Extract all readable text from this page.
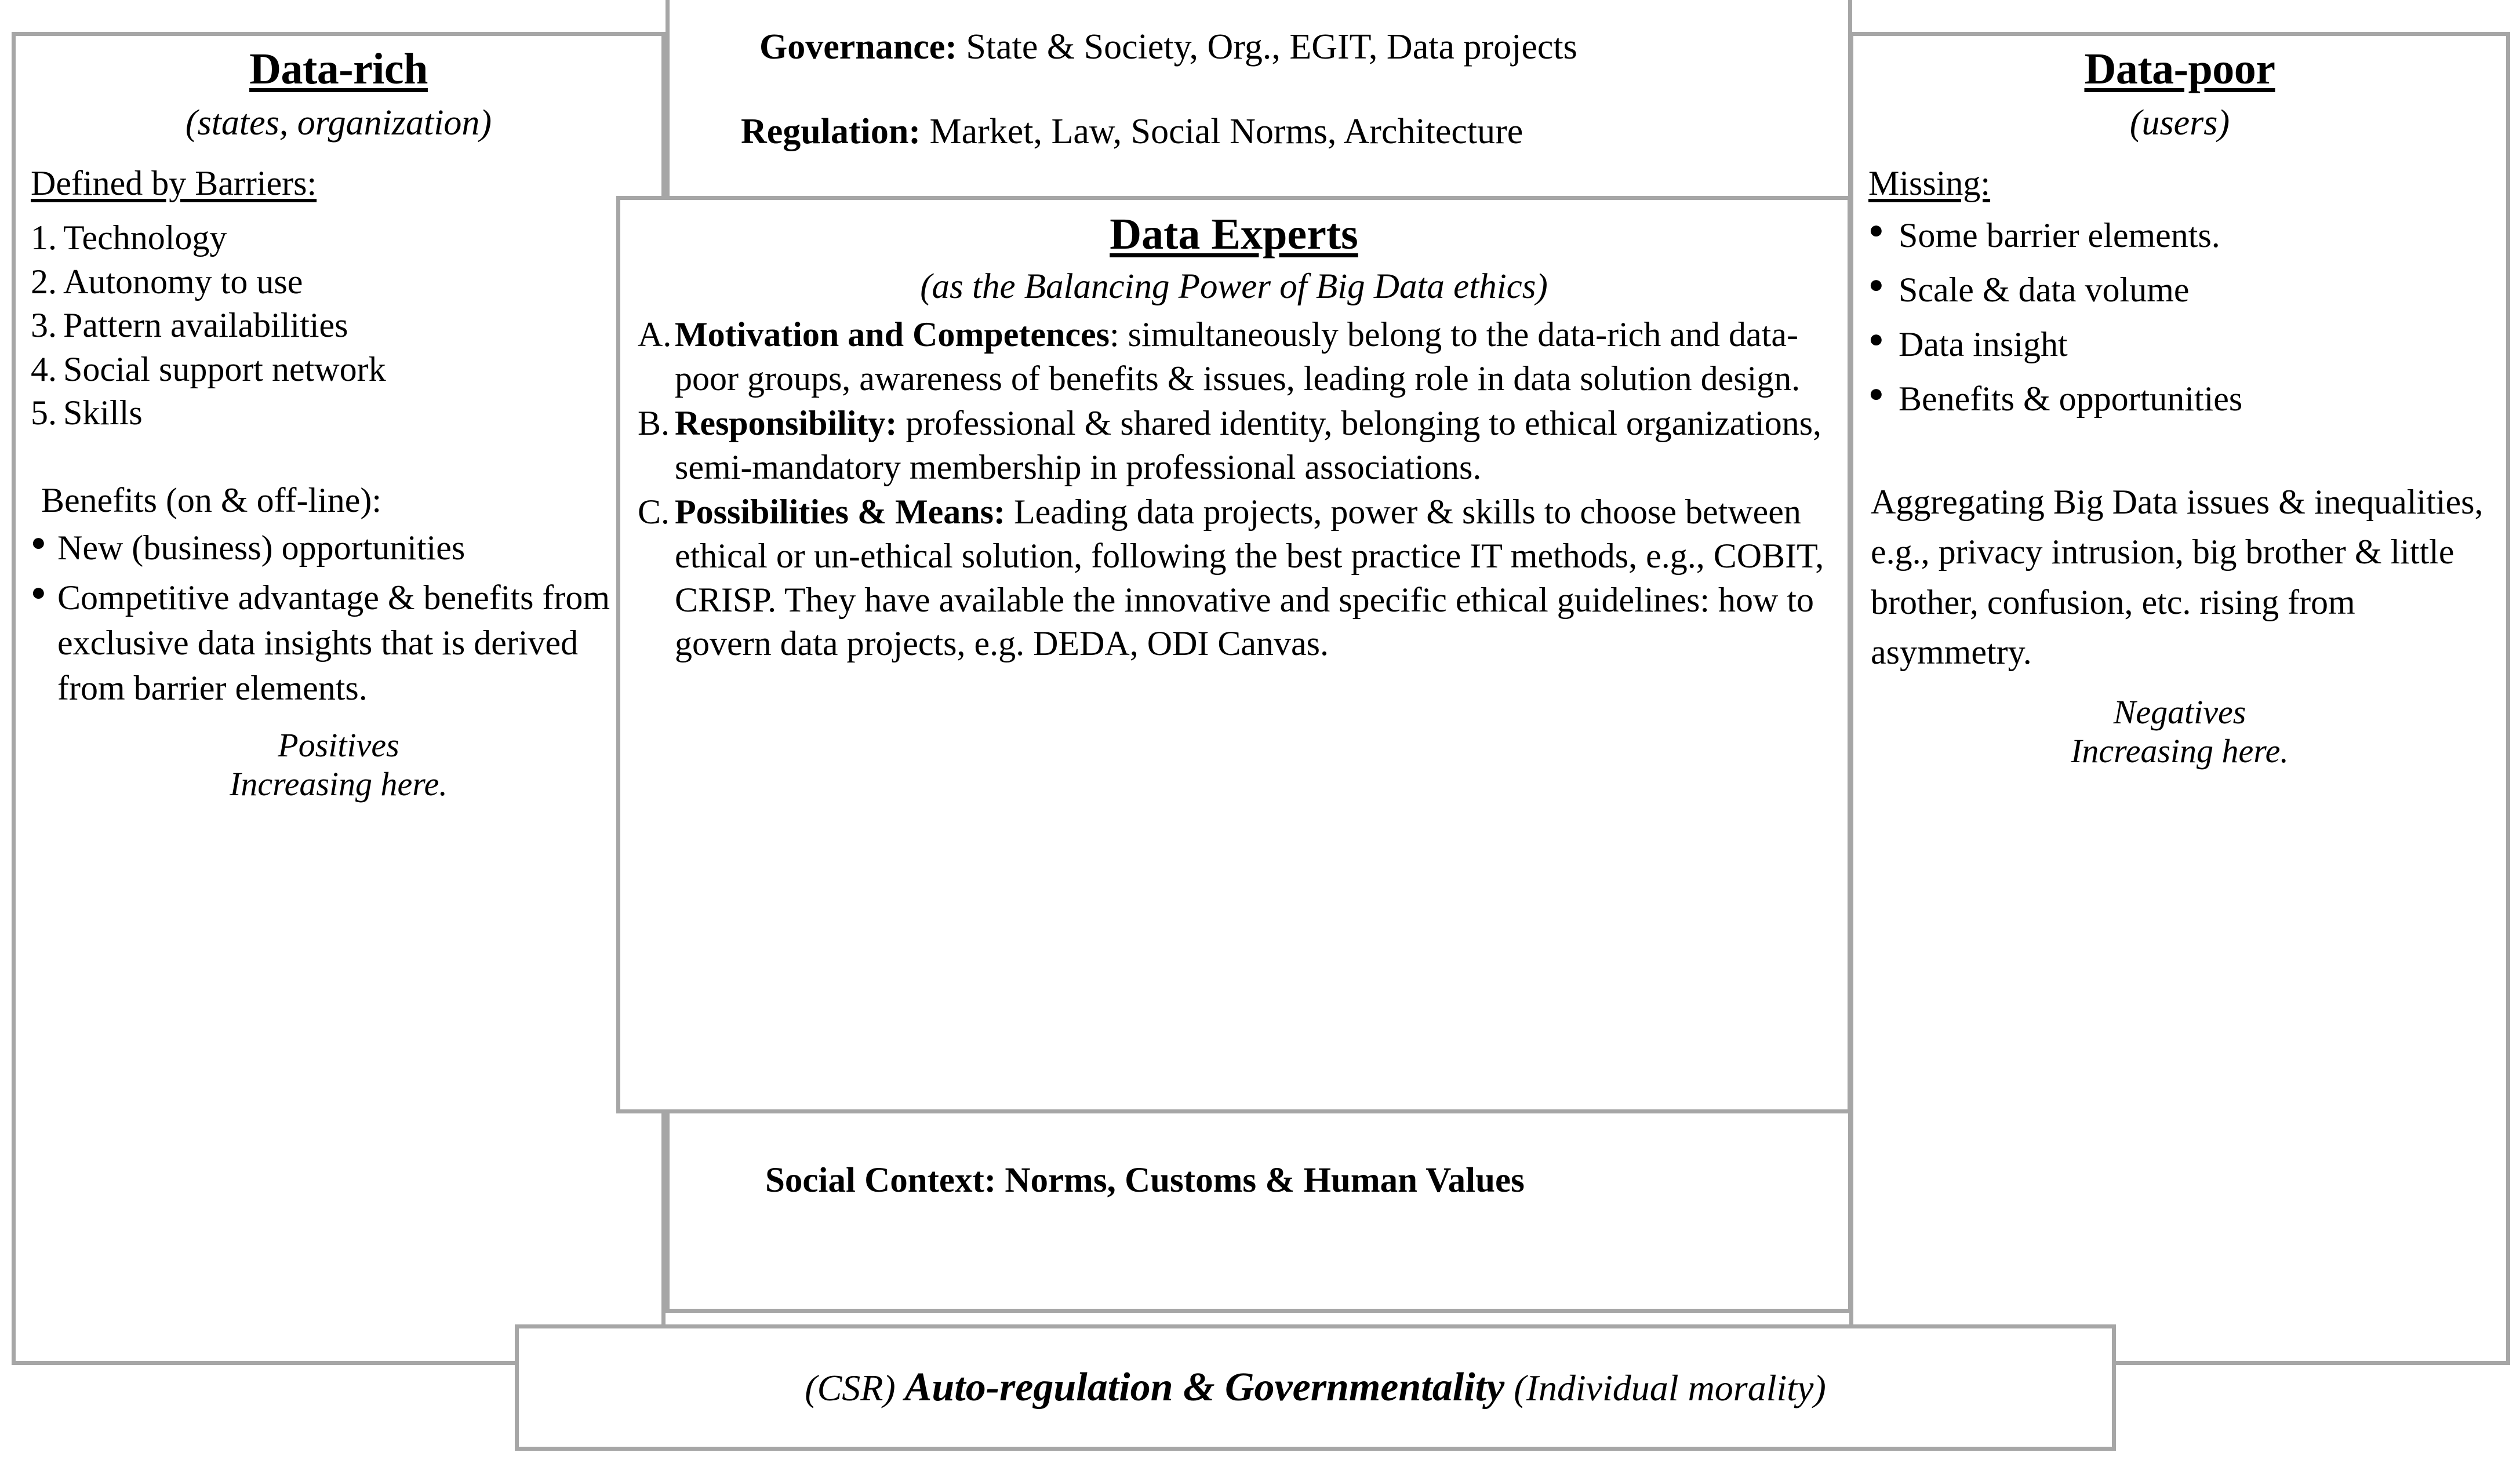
Governance: State & Society, Org., EGIT, Data projects
Regulation: Market, Law, Social Norms, Architecture
Social Context: Norms, Customs & Human Values
Data-rich
(states, organization)
Defined by Barriers:
1. Technology
2. Autonomy to use
3. Pattern availabilities
4. Social support network
5. Skills
Benefits (on & off-line):
● New (business) opportunities
● Competitive advantage & benefits from exclusive data insights that is derived from barrier elements.
Positives
Increasing here.
Data-poor
(users)
Missing:
● Some barrier elements.
● Scale & data volume
● Data insight
● Benefits & opportunities
Aggregating Big Data issues & inequalities, e.g., privacy intrusion, big brother & little brother, confusion, etc. rising from asymmetry.
Negatives
Increasing here.
Data Experts
(as the Balancing Power of Big Data ethics)
A. Motivation and Competences: simultaneously belong to the data-rich and data-poor groups, awareness of benefits & issues, leading role in data solution design.
B. Responsibility: professional & shared identity, belonging to ethical organizations, semi-mandatory membership in professional associations.
C. Possibilities & Means: Leading data projects, power & skills to choose between ethical or un-ethical solution, following the best practice IT methods, e.g., COBIT, CRISP. They have available the innovative and specific ethical guidelines: how to govern data projects, e.g. DEDA, ODI Canvas.
(CSR) Auto-regulation & Governmentality (Individual morality)
